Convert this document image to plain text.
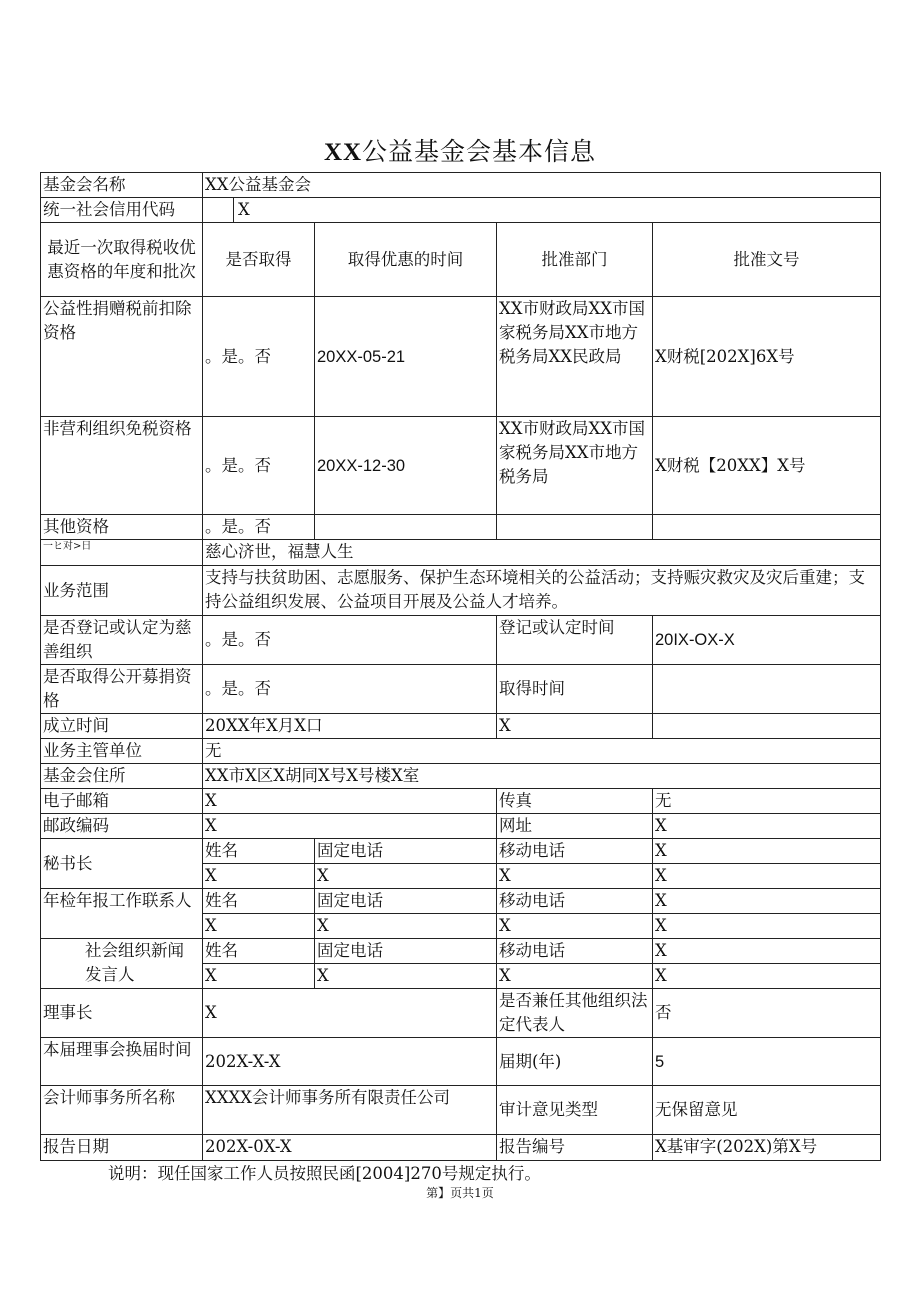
XX公益基金会基本信息
基金会名称	XX公益基金会			
统一社会信用代码	X			
最近一次取得税收优惠资格的年度和批次	是否取得	取得优惠的时间	批准部门	批准文号
公益性捐赠税前扣除资格	。是。否	20XX-05-21	XX市财政局XX市国家税务局XX市地方税务局XX民政局	X财税[202X]6X号
非营利组织免税资格	。是。否	20XX-12-30	XX市财政局XX市国家税务局XX市地方税务局	X财税【20XX】X号
其他资格	。是。否			
一ヒ对>日	慈心济世，福慧人生			
业务范围	支持与扶贫助困、志愿服务、保护生态环境相关的公益活动；支持赈灾救灾及灾后重建；支持公益组织发展、公益项目开展及公益人才培养。			
是否登记或认定为慈善组织	。是。否		登记或认定时间	20IX-OX-X
是否取得公开募捐资格	。是。否		取得时间	
成立时间	20XX年X月X口		X	
业务主管单位	无			
基金会住所	XX市X区X胡同X号X号楼X室			
电子邮箱	X		传真	无
邮政编码	X		网址	X
秘书长	姓名	固定电话	移动电话	X
	X	X	X	X
年检年报工作联系人	姓名	固定电话	移动电话	X
	X	X	X	X
社会组织新闻发言人	姓名	固定电话	移动电话	X
	X	X	X	X
理事长	X		是否兼任其他组织法定代表人	否
本届理事会换届时间	202X-X-X		届期(年)	5
会计师事务所名称	XXXX会计师事务所有限责任公司		审计意见类型	无保留意见
报告日期	202X-0X-X		报告编号	X基审字(202X)第X号
说明：现任国家工作人员按照民函[2004]270号规定执行。
第】页共1页
